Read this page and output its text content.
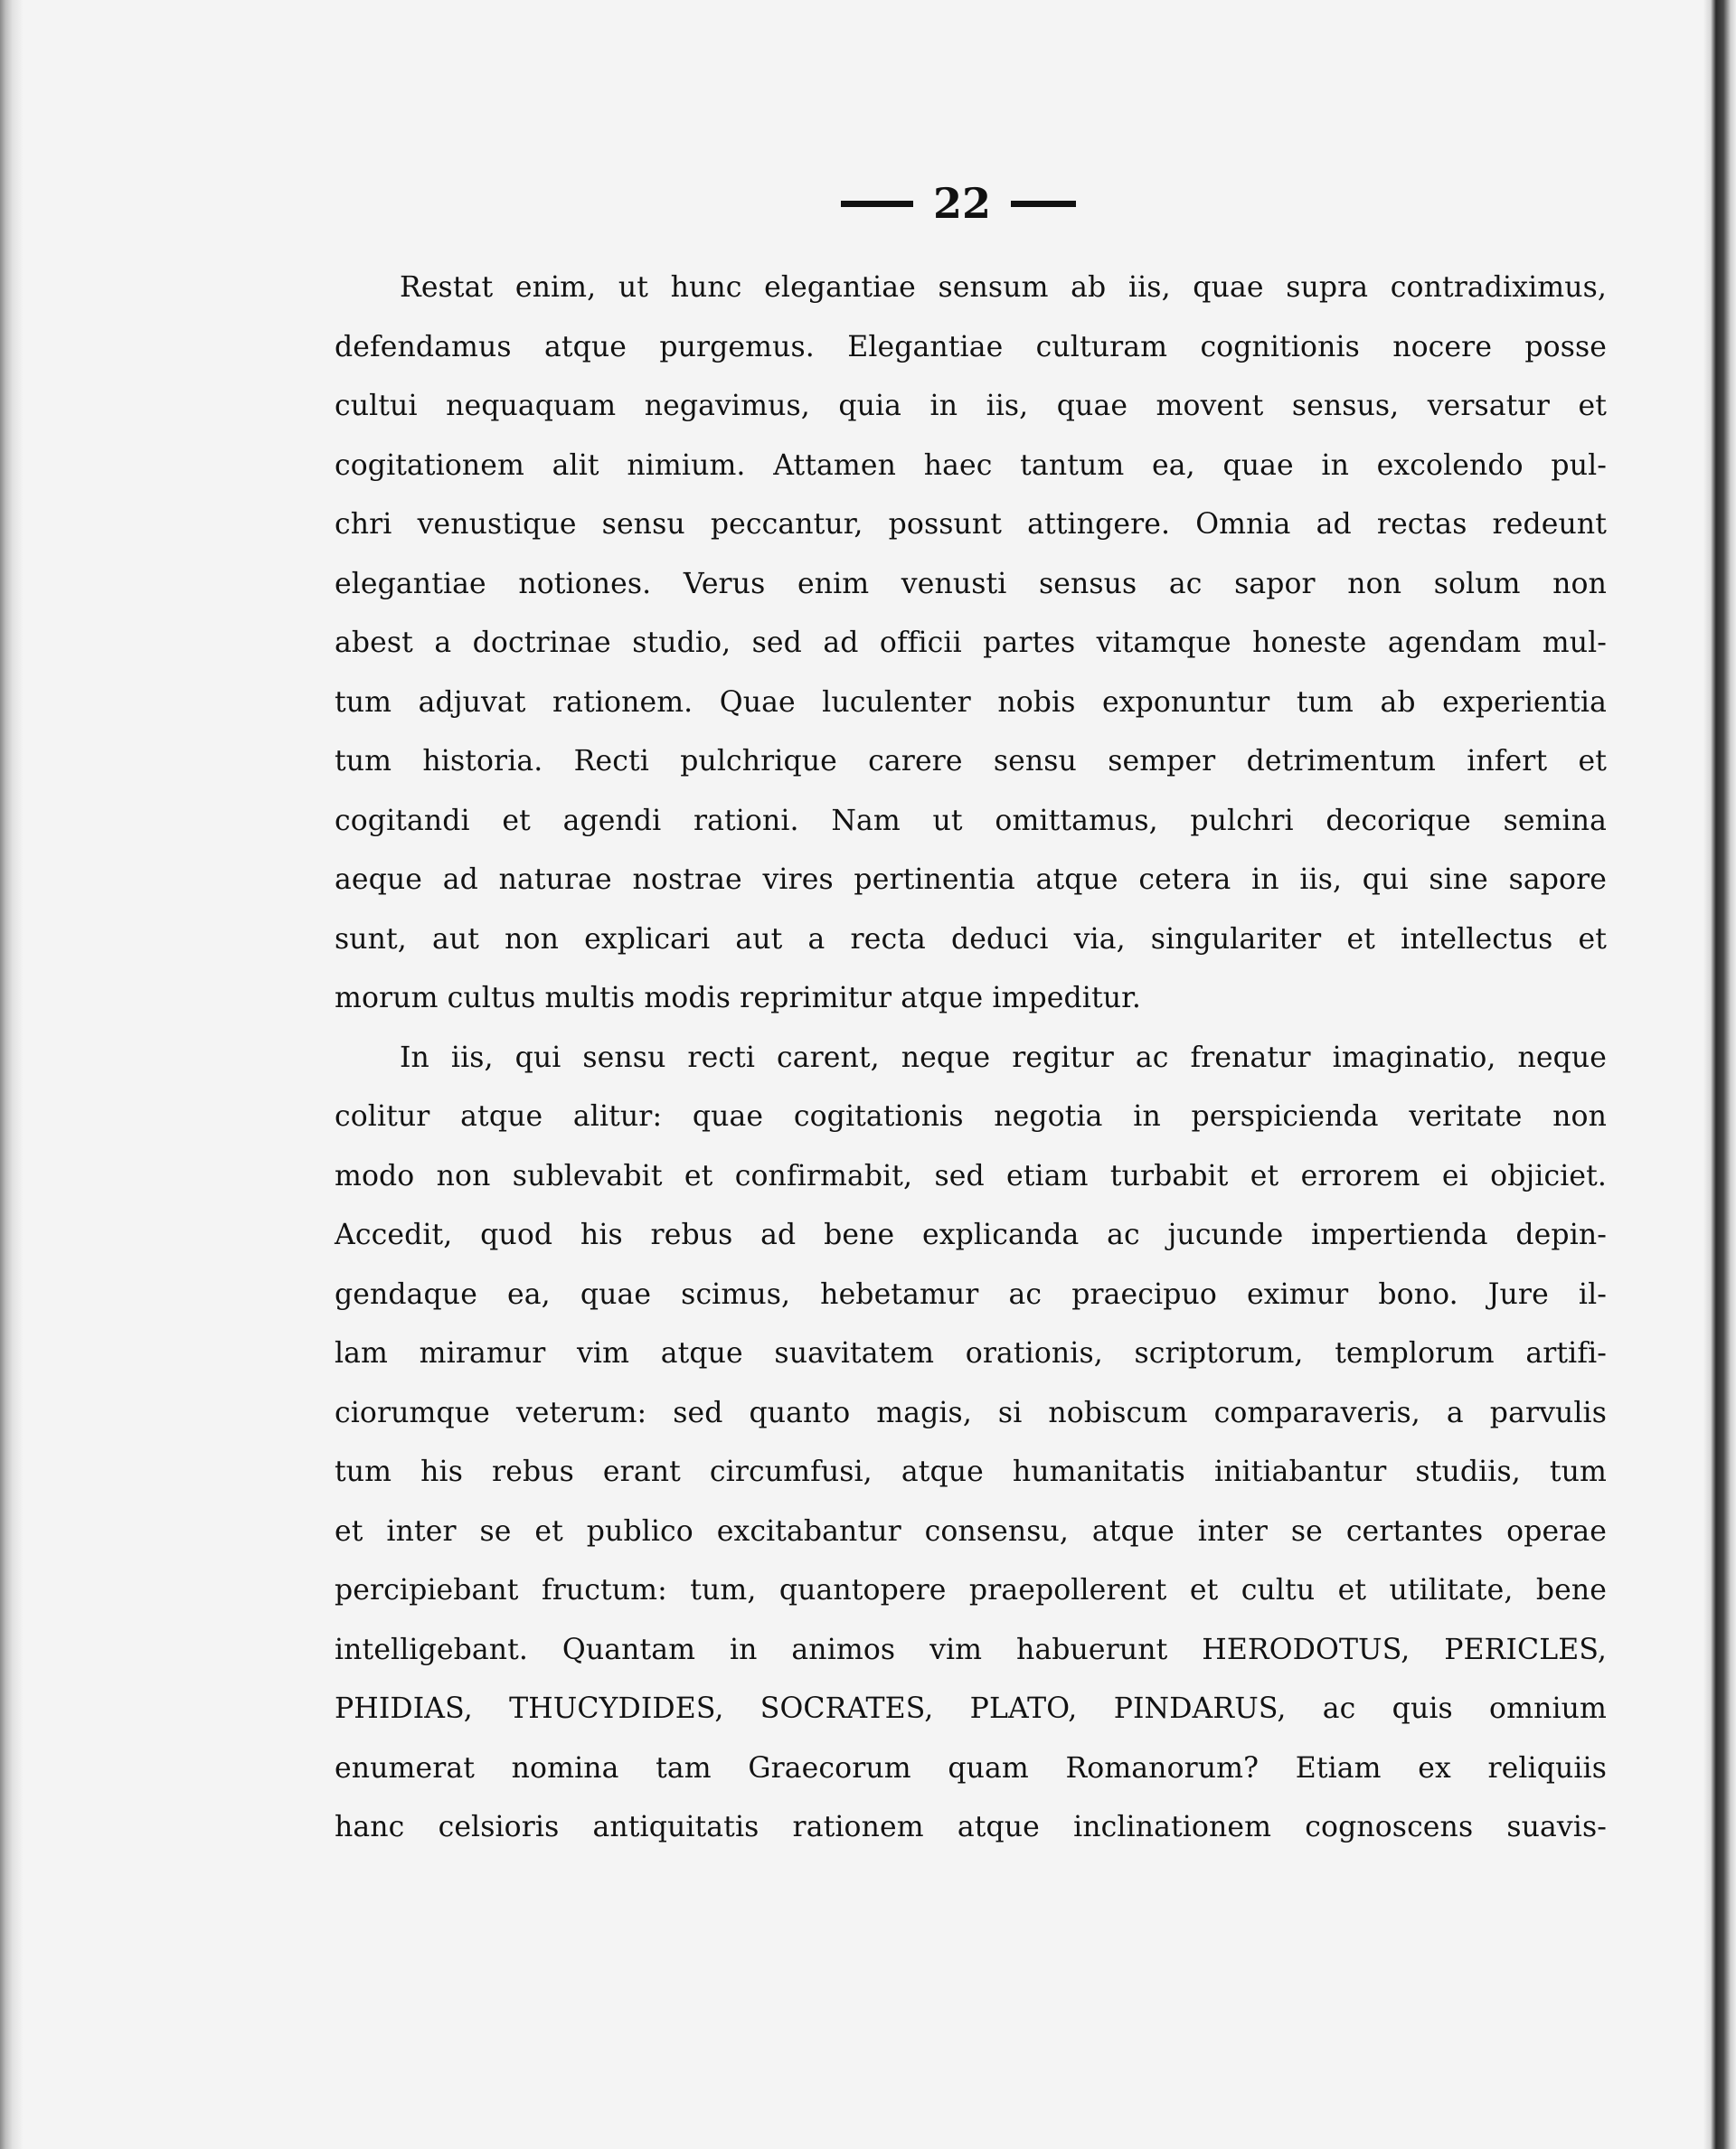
22
Restat enim, ut hunc elegantiae sensum ab iis, quae supra contradiximus,
defendamus atque purgemus. Elegantiae culturam cognitionis nocere posse
cultui nequaquam negavimus, quia in iis, quae movent sensus, versatur et
cogitationem alit nimium. Attamen haec tantum ea, quae in excolendo pul-
chri venustique sensu peccantur, possunt attingere. Omnia ad rectas redeunt
elegantiae notiones. Verus enim venusti sensus ac sapor non solum non
abest a doctrinae studio, sed ad officii partes vitamque honeste agendam mul-
tum adjuvat rationem. Quae luculenter nobis exponuntur tum ab experientia
tum historia. Recti pulchrique carere sensu semper detrimentum infert et
cogitandi et agendi rationi. Nam ut omittamus, pulchri decorique semina
aeque ad naturae nostrae vires pertinentia atque cetera in iis, qui sine sapore
sunt, aut non explicari aut a recta deduci via, singulariter et intellectus et
morum cultus multis modis reprimitur atque impeditur.
In iis, qui sensu recti carent, neque regitur ac frenatur imaginatio, neque
colitur atque alitur: quae cogitationis negotia in perspicienda veritate non
modo non sublevabit et confirmabit, sed etiam turbabit et errorem ei objiciet.
Accedit, quod his rebus ad bene explicanda ac jucunde impertienda depin-
gendaque ea, quae scimus, hebetamur ac praecipuo eximur bono. Jure il-
lam miramur vim atque suavitatem orationis, scriptorum, templorum artifi-
ciorumque veterum: sed quanto magis, si nobiscum comparaveris, a parvulis
tum his rebus erant circumfusi, atque humanitatis initiabantur studiis, tum
et inter se et publico excitabantur consensu, atque inter se certantes operae
percipiebant fructum: tum, quantopere praepollerent et cultu et utilitate, bene
intelligebant. Quantam in animos vim habuerunt HERODOTUS, PERICLES,
PHIDIAS, THUCYDIDES, SOCRATES, PLATO, PINDARUS, ac quis omnium
enumerat nomina tam Graecorum quam Romanorum? Etiam ex reliquiis
hanc celsioris antiquitatis rationem atque inclinationem cognoscens suavis-
